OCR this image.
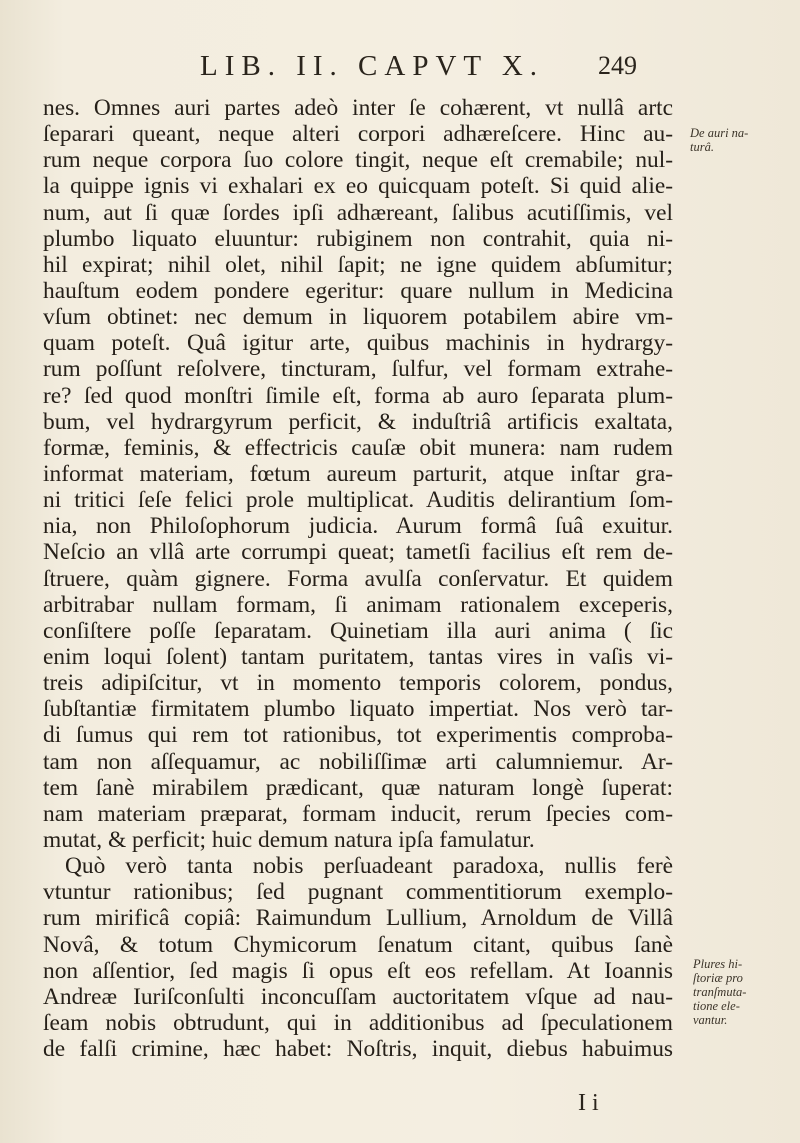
LIB. II. CAPVT X. 249
nes. Omnes auri partes adeò inter ſe cohærent, vt nullâ artc
ſeparari queant, neque alteri corpori adhæreſcere. Hinc au-
rum neque corpora ſuo colore tingit, neque eſt cremabile; nul-
la quippe ignis vi exhalari ex eo quicquam poteſt. Si quid alie-
num, aut ſi quæ ſordes ipſi adhæreant, ſalibus acutiſſimis, vel
plumbo liquato eluuntur: rubiginem non contrahit, quia ni-
hil expirat; nihil olet, nihil ſapit; ne igne quidem abſumitur;
hauſtum eodem pondere egeritur: quare nullum in Medicina
vſum obtinet: nec demum in liquorem potabilem abire vm-
quam poteſt. Quâ igitur arte, quibus machinis in hydrargy-
rum poſſunt reſolvere, tincturam, ſulfur, vel formam extrahe-
re? ſed quod monſtri ſimile eſt, forma ab auro ſeparata plum-
bum, vel hydrargyrum perficit, & induſtriâ artificis exaltata,
formæ, feminis, & effectricis cauſæ obit munera: nam rudem
informat materiam, fœtum aureum parturit, atque inſtar gra-
ni tritici ſeſe felici prole multiplicat. Auditis delirantium ſom-
nia, non Philoſophorum judicia. Aurum formâ ſuâ exuitur.
Neſcio an vllâ arte corrumpi queat; tametſi facilius eſt rem de-
ſtruere, quàm gignere. Forma avulſa conſervatur. Et quidem
arbitrabar nullam formam, ſi animam rationalem exceperis,
conſiſtere poſſe ſeparatam. Quinetiam illa auri anima ( ſic
enim loqui ſolent) tantam puritatem, tantas vires in vaſis vi-
treis adipiſcitur, vt in momento temporis colorem, pondus,
ſubſtantiæ firmitatem plumbo liquato impertiat. Nos verò tar-
di ſumus qui rem tot rationibus, tot experimentis comproba-
tam non aſſequamur, ac nobiliſſimæ arti calumniemur. Ar-
tem ſanè mirabilem prædicant, quæ naturam longè ſuperat:
nam materiam præparat, formam inducit, rerum ſpecies com-
mutat, & perficit; huic demum natura ipſa famulatur.
Quò verò tanta nobis perſuadeant paradoxa, nullis ferè
vtuntur rationibus; ſed pugnant commentitiorum exemplo-
rum mirificâ copiâ: Raimundum Lullium, Arnoldum de Villâ
Novâ, & totum Chymicorum ſenatum citant, quibus ſanè
non aſſentior, ſed magis ſi opus eſt eos refellam. At Ioannis
Andreæ Iuriſconſulti inconcuſſam auctoritatem vſque ad nau-
ſeam nobis obtrudunt, qui in additionibus ad ſpeculationem
de falſi crimine, hæc habet: Noſtris, inquit, diebus habuimus
De auri na-
turâ.
Plures hi-
ſtoriæ pro
tranſmuta-
tione ele-
vantur.
I i
